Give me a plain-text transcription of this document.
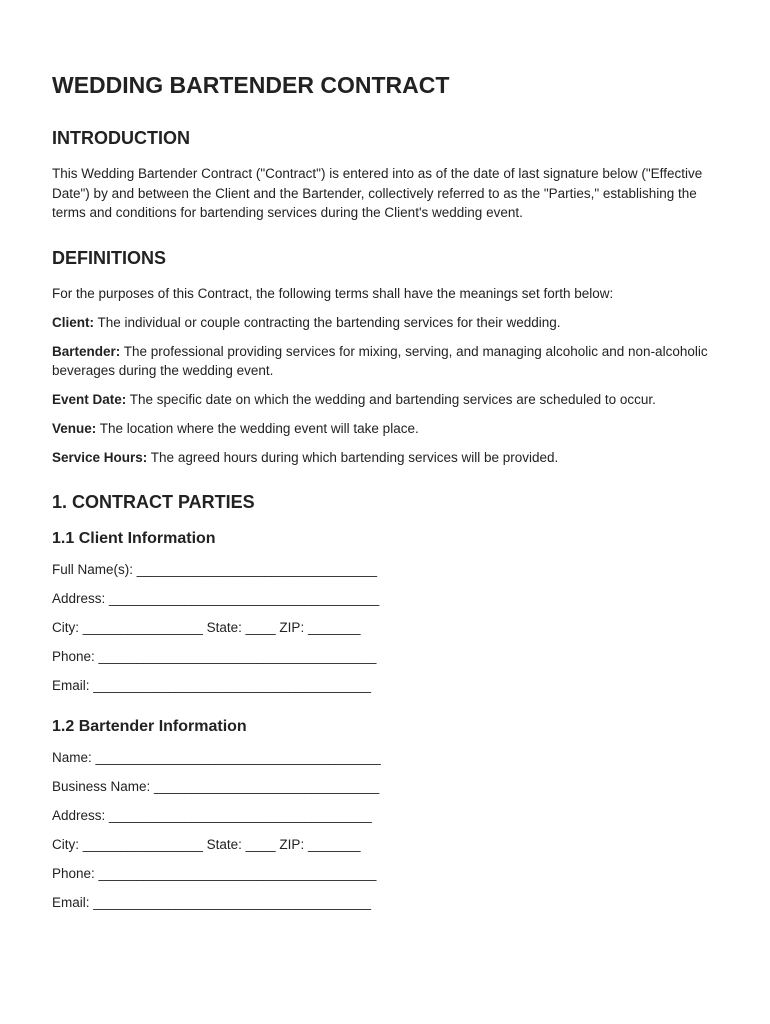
WEDDING BARTENDER CONTRACT
INTRODUCTION

This Wedding Bartender Contract ("Contract") is entered into as of the date of last signature below ("Effective Date") by and between the Client and the Bartender, collectively referred to as the "Parties," establishing the terms and conditions for bartending services during the Client's wedding event.

DEFINITIONS

For the purposes of this Contract, the following terms shall have the meanings set forth below:

Client: The individual or couple contracting the bartending services for their wedding.

Bartender: The professional providing services for mixing, serving, and managing alcoholic and non-alcoholic beverages during the wedding event.

Event Date: The specific date on which the wedding and bartending services are scheduled to occur.

Venue: The location where the wedding event will take place.

Service Hours: The agreed hours during which bartending services will be provided.

1. CONTRACT PARTIES
1.1 Client Information
Full Name(s): ________________________________
Address: ____________________________________
City: ________________ State: ____ ZIP: _______
Phone: _____________________________________
Email: _____________________________________
1.2 Bartender Information
Name: ______________________________________
Business Name: ______________________________
Address: ___________________________________
City: ________________ State: ____ ZIP: _______
Phone: _____________________________________
Email: _____________________________________
